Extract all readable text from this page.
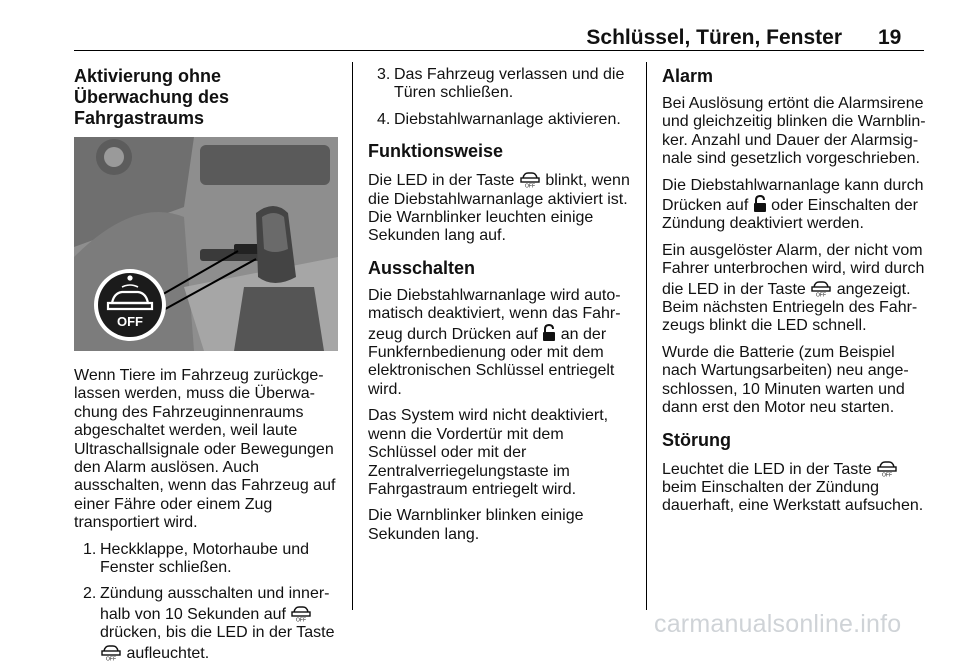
Schlüssel, Türen, Fenster 19
Aktivierung ohne Überwachung des Fahrgastraums
OFF

Wenn Tiere im Fahrzeug zurückgelassen werden, muss die Überwachung des Fahrzeuginnenraums abgeschaltet werden, weil laute Ultraschallsignale oder Bewegungen den Alarm auslösen. Auch ausschalten, wenn das Fahrzeug auf einer Fähre oder einem Zug transportiert wird.

1. Heckklappe, Motorhaube und Fenster schließen.
2. Zündung ausschalten und innerhalb von 10 Sekunden auf OFF
drücken, bis die LED in der Taste
OFF aufleuchtet.
3. Das Fahrzeug verlassen und die Türen schließen.
4. Diebstahlwarnanlage aktivieren.
Funktionsweise

Die LED in der Taste OFF blinkt, wenn die Diebstahlwarnanlage aktiviert ist. Die Warnblinker leuchten einige Sekunden lang auf.

Ausschalten

Die Diebstahlwarnanlage wird automatisch deaktiviert, wenn das Fahrzeug durch Drücken auf an der Funkfernbedienung oder mit dem elektronischen Schlüssel entriegelt wird.

Das System wird nicht deaktiviert, wenn die Vordertür mit dem Schlüssel oder mit der Zentralverriegelungstaste im Fahrgastraum entriegelt wird.

Die Warnblinker blinken einige Sekunden lang.

Alarm

Bei Auslösung ertönt die Alarmsirene und gleichzeitig blinken die Warnblinker. Anzahl und Dauer der Alarmsignale sind gesetzlich vorgeschrieben.

Die Diebstahlwarnanlage kann durch Drücken auf oder Einschalten der Zündung deaktiviert werden.

Ein ausgelöster Alarm, der nicht vom Fahrer unterbrochen wird, wird durch die LED in der Taste OFF angezeigt. Beim nächsten Entriegeln des Fahrzeugs blinkt die LED schnell.

Wurde die Batterie (zum Beispiel nach Wartungsarbeiten) neu angeschlossen, 10 Minuten warten und dann erst den Motor neu starten.

Störung

Leuchtet die LED in der Taste OFF
beim Einschalten der Zündung dauerhaft, eine Werkstatt aufsuchen.

carmanualsonline.info
